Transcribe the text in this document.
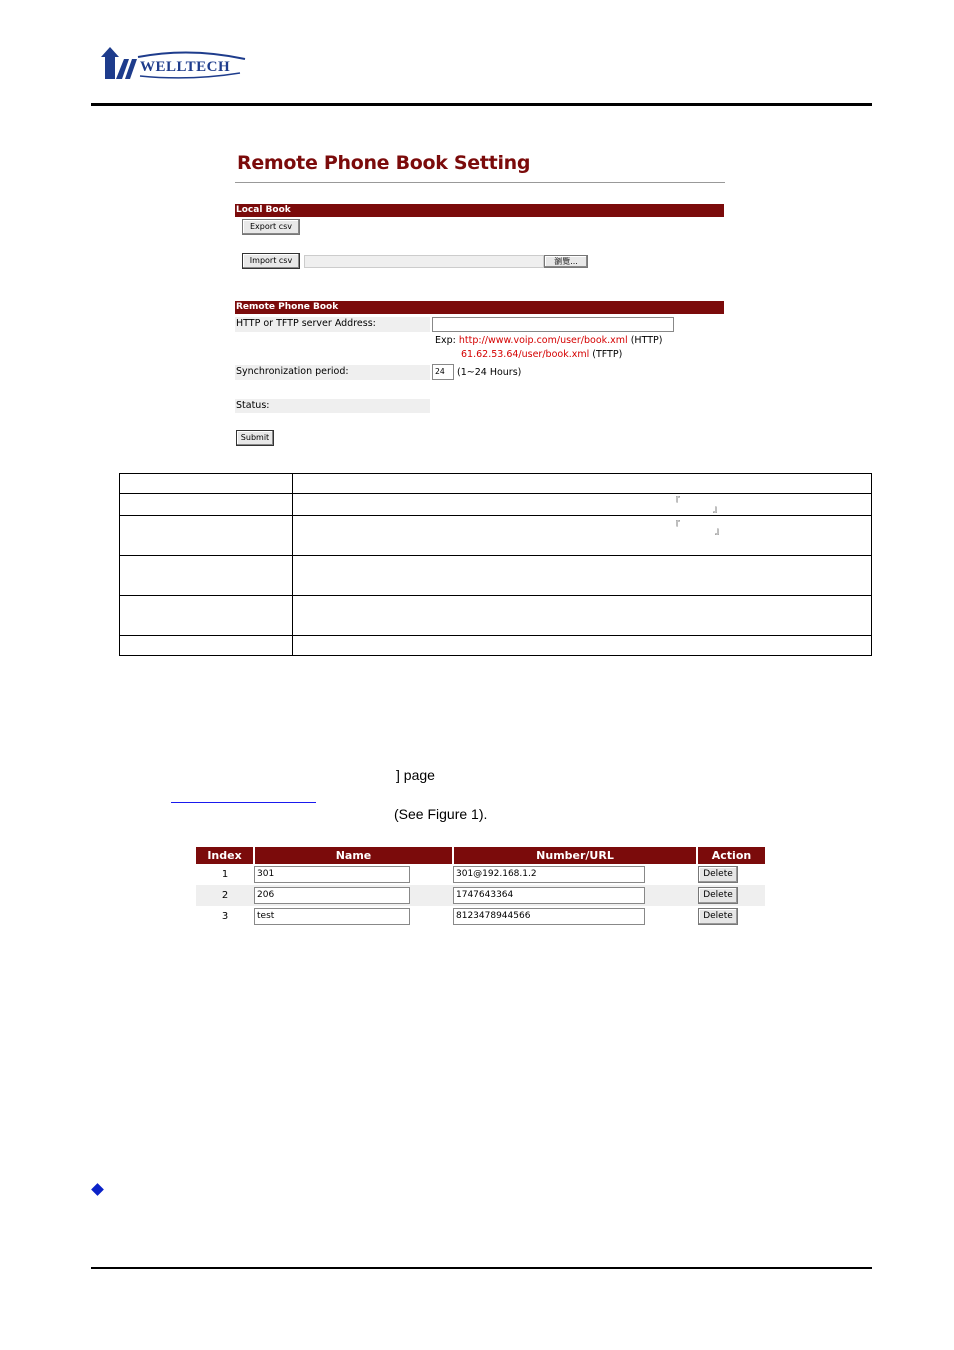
WELLTECH
Remote Phone Book Setting
Local Book
Export csv
Import csv	瀏覽...
Remote Phone Book
HTTP or TFTP server Address:
Exp: http://www.voip.com/user/book.xml (HTTP)
61.62.53.64/user/book.xml (TFTP)
Synchronization period:	24	(1~24 Hours)
Status:
Submit

	『
』

	『
』

] page
(See Figure 1).
Index	Name	Number/URL	Action
1	301	301@192.168.1.2	Delete

2	206	1747643364	Delete

3	test	8123478944566	Delete
